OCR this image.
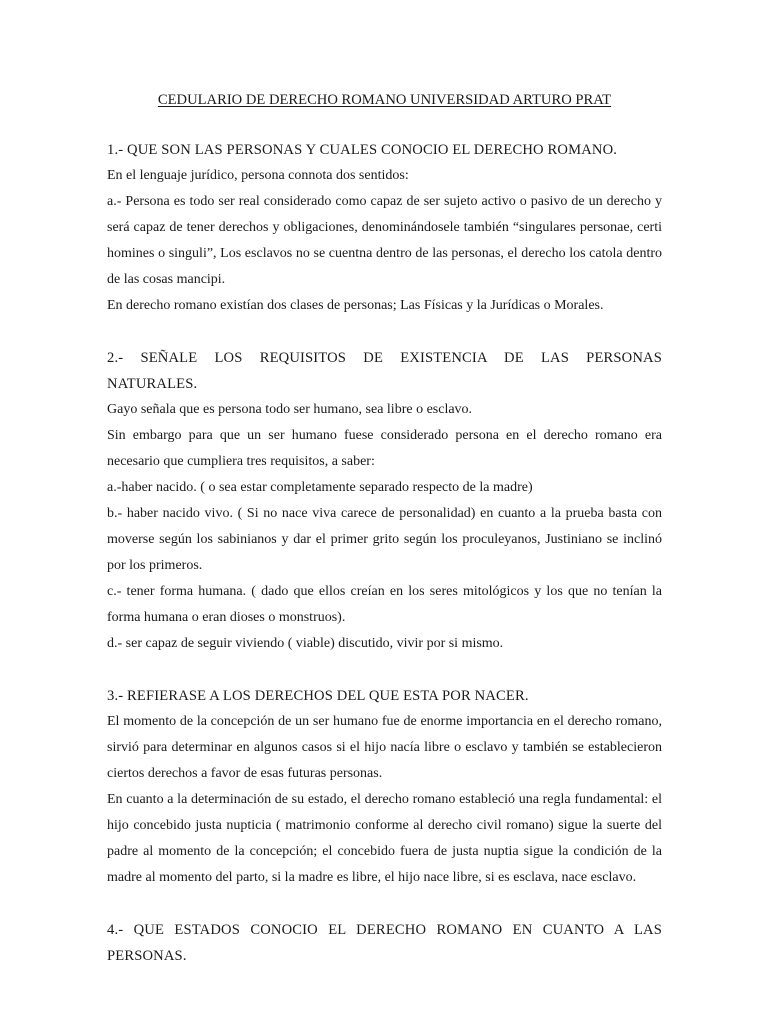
CEDULARIO DE DERECHO ROMANO UNIVERSIDAD ARTURO PRAT

1.- QUE SON LAS PERSONAS Y CUALES CONOCIO EL DERECHO ROMANO.

En el lenguaje jurídico, persona connota dos sentidos:

a.- Persona es todo ser real considerado como capaz de ser sujeto activo o pasivo de un derecho y será capaz de tener derechos y obligaciones, denominándosele también “singulares personae, certi homines o singuli”, Los esclavos no se cuentna dentro de las personas, el derecho los catola dentro de las cosas mancipi.

En derecho romano existían dos clases de personas; Las Físicas y la Jurídicas o Morales.

2.- SEÑALE LOS REQUISITOS DE EXISTENCIA DE LAS PERSONAS NATURALES.

Gayo señala que es persona todo ser humano, sea libre o esclavo.

Sin embargo para que un ser humano fuese considerado persona en el derecho romano era necesario que cumpliera tres requisitos, a saber:

a.-haber nacido. ( o sea estar completamente separado respecto de la madre)

b.- haber nacido vivo. ( Si no nace viva carece de personalidad) en cuanto a la prueba basta con moverse según los sabinianos y dar el primer grito según los proculeyanos, Justiniano se inclinó por los primeros.

c.- tener forma humana. ( dado que ellos creían en los seres mitológicos y los que no tenían la forma humana o eran dioses o monstruos).

d.- ser capaz de seguir viviendo ( viable) discutido, vivir por si mismo.

3.- REFIERASE A LOS DERECHOS DEL QUE ESTA POR NACER.

El momento de la concepción de un ser humano fue de enorme importancia en el derecho romano, sirvió para determinar en algunos casos si el hijo nacía libre o esclavo y también se establecieron ciertos derechos a favor de esas futuras personas.

En cuanto a la determinación de su estado, el derecho romano estableció una regla fundamental: el hijo concebido justa nupticia ( matrimonio conforme al derecho civil romano) sigue la suerte del padre al momento de la concepción; el concebido fuera de justa nuptia sigue la condición de la madre al momento del parto, si la madre es libre, el hijo nace libre, si es esclava, nace esclavo.

4.- QUE ESTADOS CONOCIO EL DERECHO ROMANO EN CUANTO A LAS PERSONAS.
